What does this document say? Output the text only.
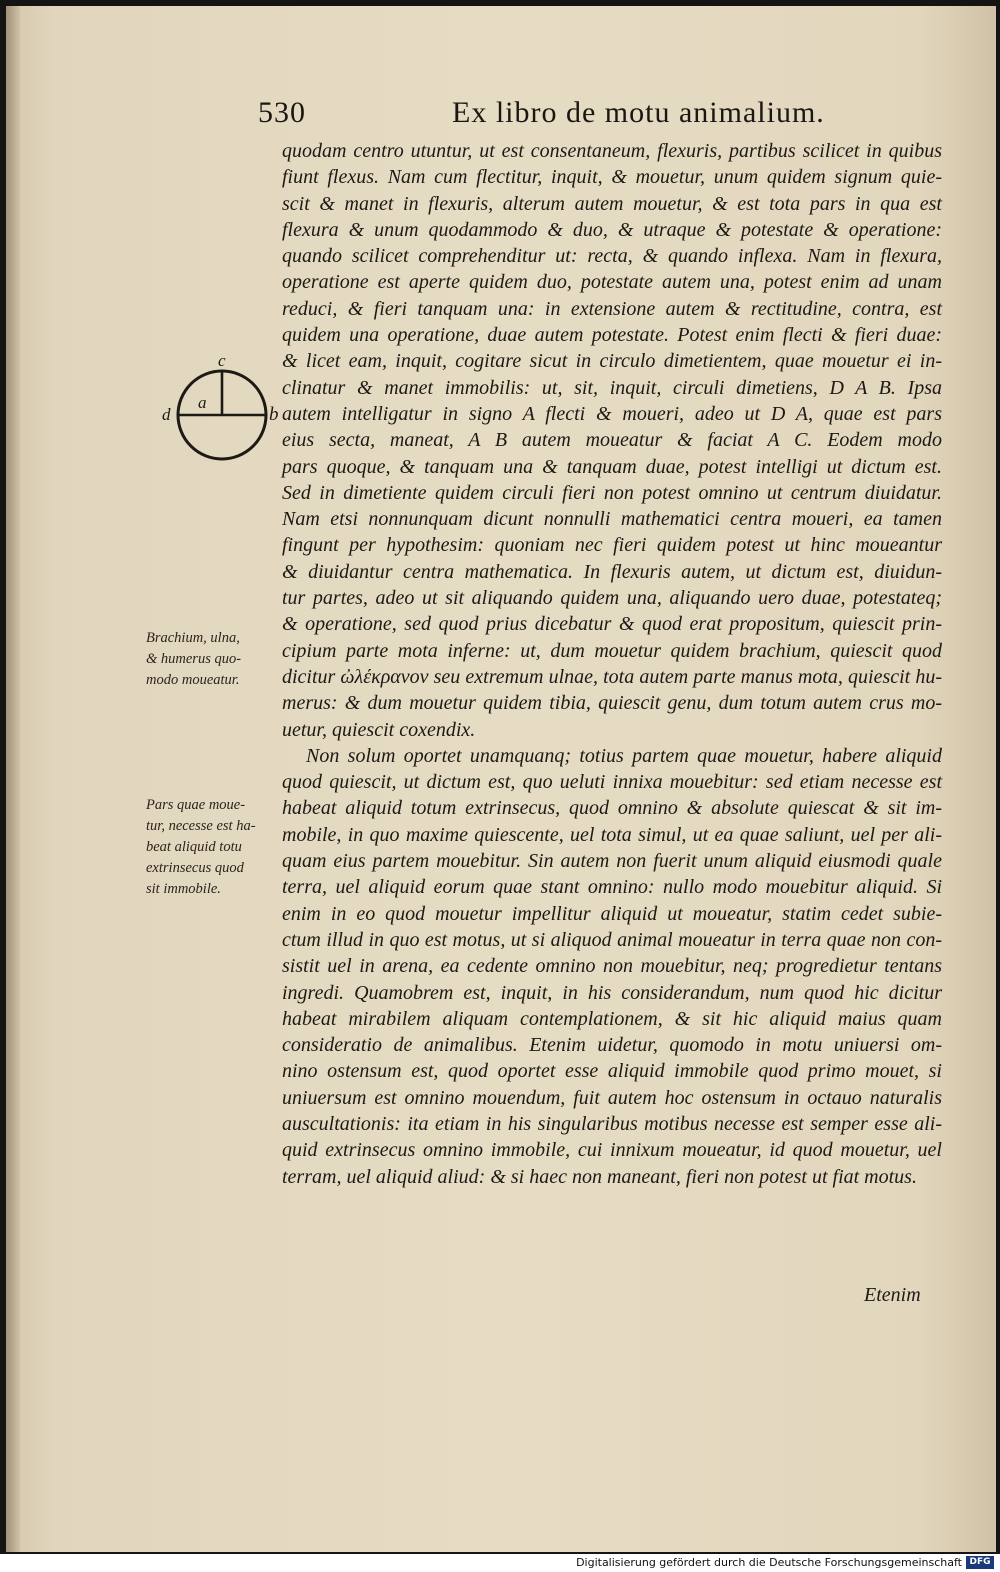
530	Ex libro de motu animalium.
c
d
a
b
Brachium, ulna,
& humerus quo-
modo moueatur.
Pars quae moue-
tur, necesse est ha-
beat aliquid totu
extrinsecus quod
sit immobile.
quodam centro utuntur, ut est consentaneum, flexuris, partibus scilicet in quibus
fiunt flexus. Nam cum flectitur, inquit, & mouetur, unum quidem signum quie-
scit & manet in flexuris, alterum autem mouetur, & est tota pars in qua est
flexura & unum quodammodo & duo, & utraque & potestate & operatione:
quando scilicet comprehenditur ut: recta, & quando inflexa. Nam in flexura,
operatione est aperte quidem duo, potestate autem una, potest enim ad unam
reduci, & fieri tanquam una: in extensione autem & rectitudine, contra, est
quidem una operatione, duae autem potestate. Potest enim flecti & fieri duae:
& licet eam, inquit, cogitare sicut in circulo dimetientem, quae mouetur ei in-
clinatur & manet immobilis: ut, sit, inquit, circuli dimetiens, D A B. Ipsa
autem intelligatur in signo A flecti & moueri, adeo ut D A, quae est pars
eius secta, maneat, A B autem moueatur & faciat A C. Eodem modo
pars quoque, & tanquam una & tanquam duae, potest intelligi ut dictum est.
Sed in dimetiente quidem circuli fieri non potest omnino ut centrum diuidatur.
Nam etsi nonnunquam dicunt nonnulli mathematici centra moueri, ea tamen
fingunt per hypothesim: quoniam nec fieri quidem potest ut hinc moueantur
& diuidantur centra mathematica. In flexuris autem, ut dictum est, diuidun-
tur partes, adeo ut sit aliquando quidem una, aliquando uero duae, potestateq;
& operatione, sed quod prius dicebatur & quod erat propositum, quiescit prin-
cipium parte mota inferne: ut, dum mouetur quidem brachium, quiescit quod
dicitur ὠλέκρανον seu extremum ulnae, tota autem parte manus mota, quiescit hu-
merus: & dum mouetur quidem tibia, quiescit genu, dum totum autem crus mo-
uetur, quiescit coxendix.
Non solum oportet unamquanq; totius partem quae mouetur, habere aliquid
quod quiescit, ut dictum est, quo ueluti innixa mouebitur: sed etiam necesse est
habeat aliquid totum extrinsecus, quod omnino & absolute quiescat & sit im-
mobile, in quo maxime quiescente, uel tota simul, ut ea quae saliunt, uel per ali-
quam eius partem mouebitur. Sin autem non fuerit unum aliquid eiusmodi quale
terra, uel aliquid eorum quae stant omnino: nullo modo mouebitur aliquid. Si
enim in eo quod mouetur impellitur aliquid ut moueatur, statim cedet subie-
ctum illud in quo est motus, ut si aliquod animal moueatur in terra quae non con-
sistit uel in arena, ea cedente omnino non mouebitur, neq; progredietur tentans
ingredi. Quamobrem est, inquit, in his considerandum, num quod hic dicitur
habeat mirabilem aliquam contemplationem, & sit hic aliquid maius quam
consideratio de animalibus. Etenim uidetur, quomodo in motu uniuersi om-
nino ostensum est, quod oportet esse aliquid immobile quod primo mouet, si
uniuersum est omnino mouendum, fuit autem hoc ostensum in octauo naturalis
auscultationis: ita etiam in his singularibus motibus necesse est semper esse ali-
quid extrinsecus omnino immobile, cui innixum moueatur, id quod mouetur, uel
terram, uel aliquid aliud: & si haec non maneant, fieri non potest ut fiat motus.
Etenim
Digitalisierung gefördert durch die Deutsche Forschungsgemeinschaft DFG
